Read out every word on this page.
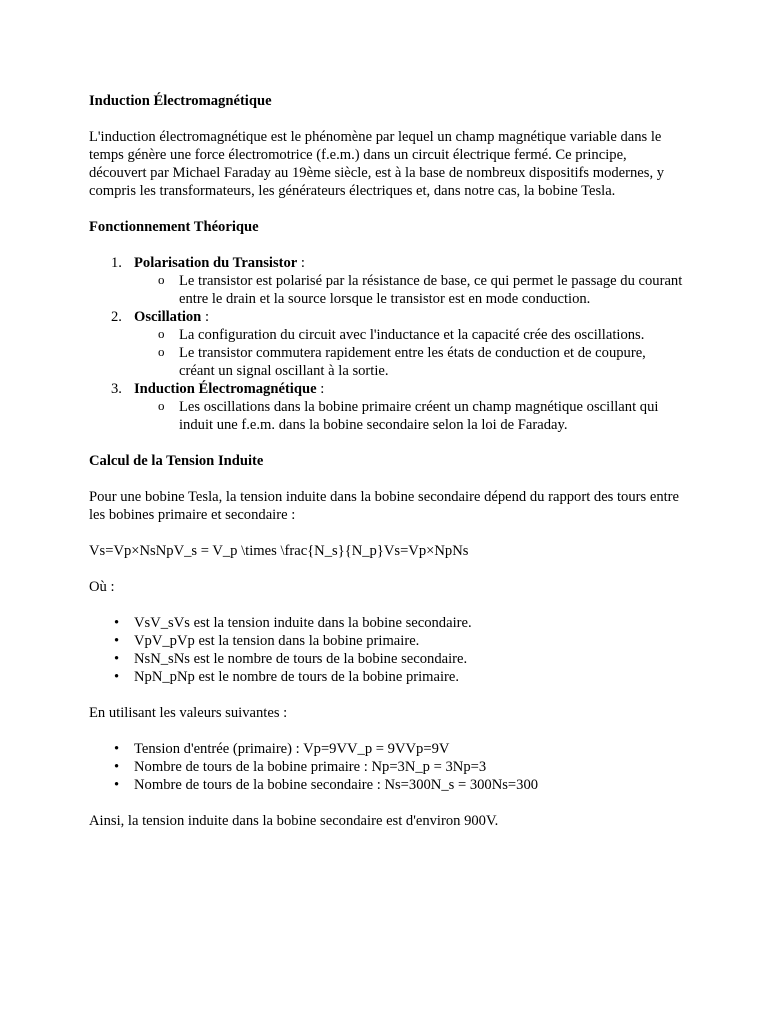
Induction Électromagnétique

L'induction électromagnétique est le phénomène par lequel un champ magnétique variable dans le temps génère une force électromotrice (f.e.m.) dans un circuit électrique fermé. Ce principe, découvert par Michael Faraday au 19ème siècle, est à la base de nombreux dispositifs modernes, y compris les transformateurs, les générateurs électriques et, dans notre cas, la bobine Tesla.

Fonctionnement Théorique
1. Polarisation du Transistor :
o Le transistor est polarisé par la résistance de base, ce qui permet le passage du courant entre le drain et la source lorsque le transistor est en mode conduction.
2. Oscillation :
o La configuration du circuit avec l'inductance et la capacité crée des oscillations.
o Le transistor commutera rapidement entre les états de conduction et de coupure, créant un signal oscillant à la sortie.
3. Induction Électromagnétique :
o Les oscillations dans la bobine primaire créent un champ magnétique oscillant qui induit une f.e.m. dans la bobine secondaire selon la loi de Faraday.
Calcul de la Tension Induite

Pour une bobine Tesla, la tension induite dans la bobine secondaire dépend du rapport des tours entre les bobines primaire et secondaire :

Vs=Vp×NsNpV_s = V_p \times \frac{N_s}{N_p}Vs=Vp×NpNs

Où :

• VsV_sVs est la tension induite dans la bobine secondaire.
• VpV_pVp est la tension dans la bobine primaire.
• NsN_sNs est le nombre de tours de la bobine secondaire.
• NpN_pNp est le nombre de tours de la bobine primaire.

En utilisant les valeurs suivantes :

• Tension d'entrée (primaire) : Vp=9VV_p = 9VVp=9V
• Nombre de tours de la bobine primaire : Np=3N_p = 3Np=3
• Nombre de tours de la bobine secondaire : Ns=300N_s = 300Ns=300

Ainsi, la tension induite dans la bobine secondaire est d'environ 900V.
